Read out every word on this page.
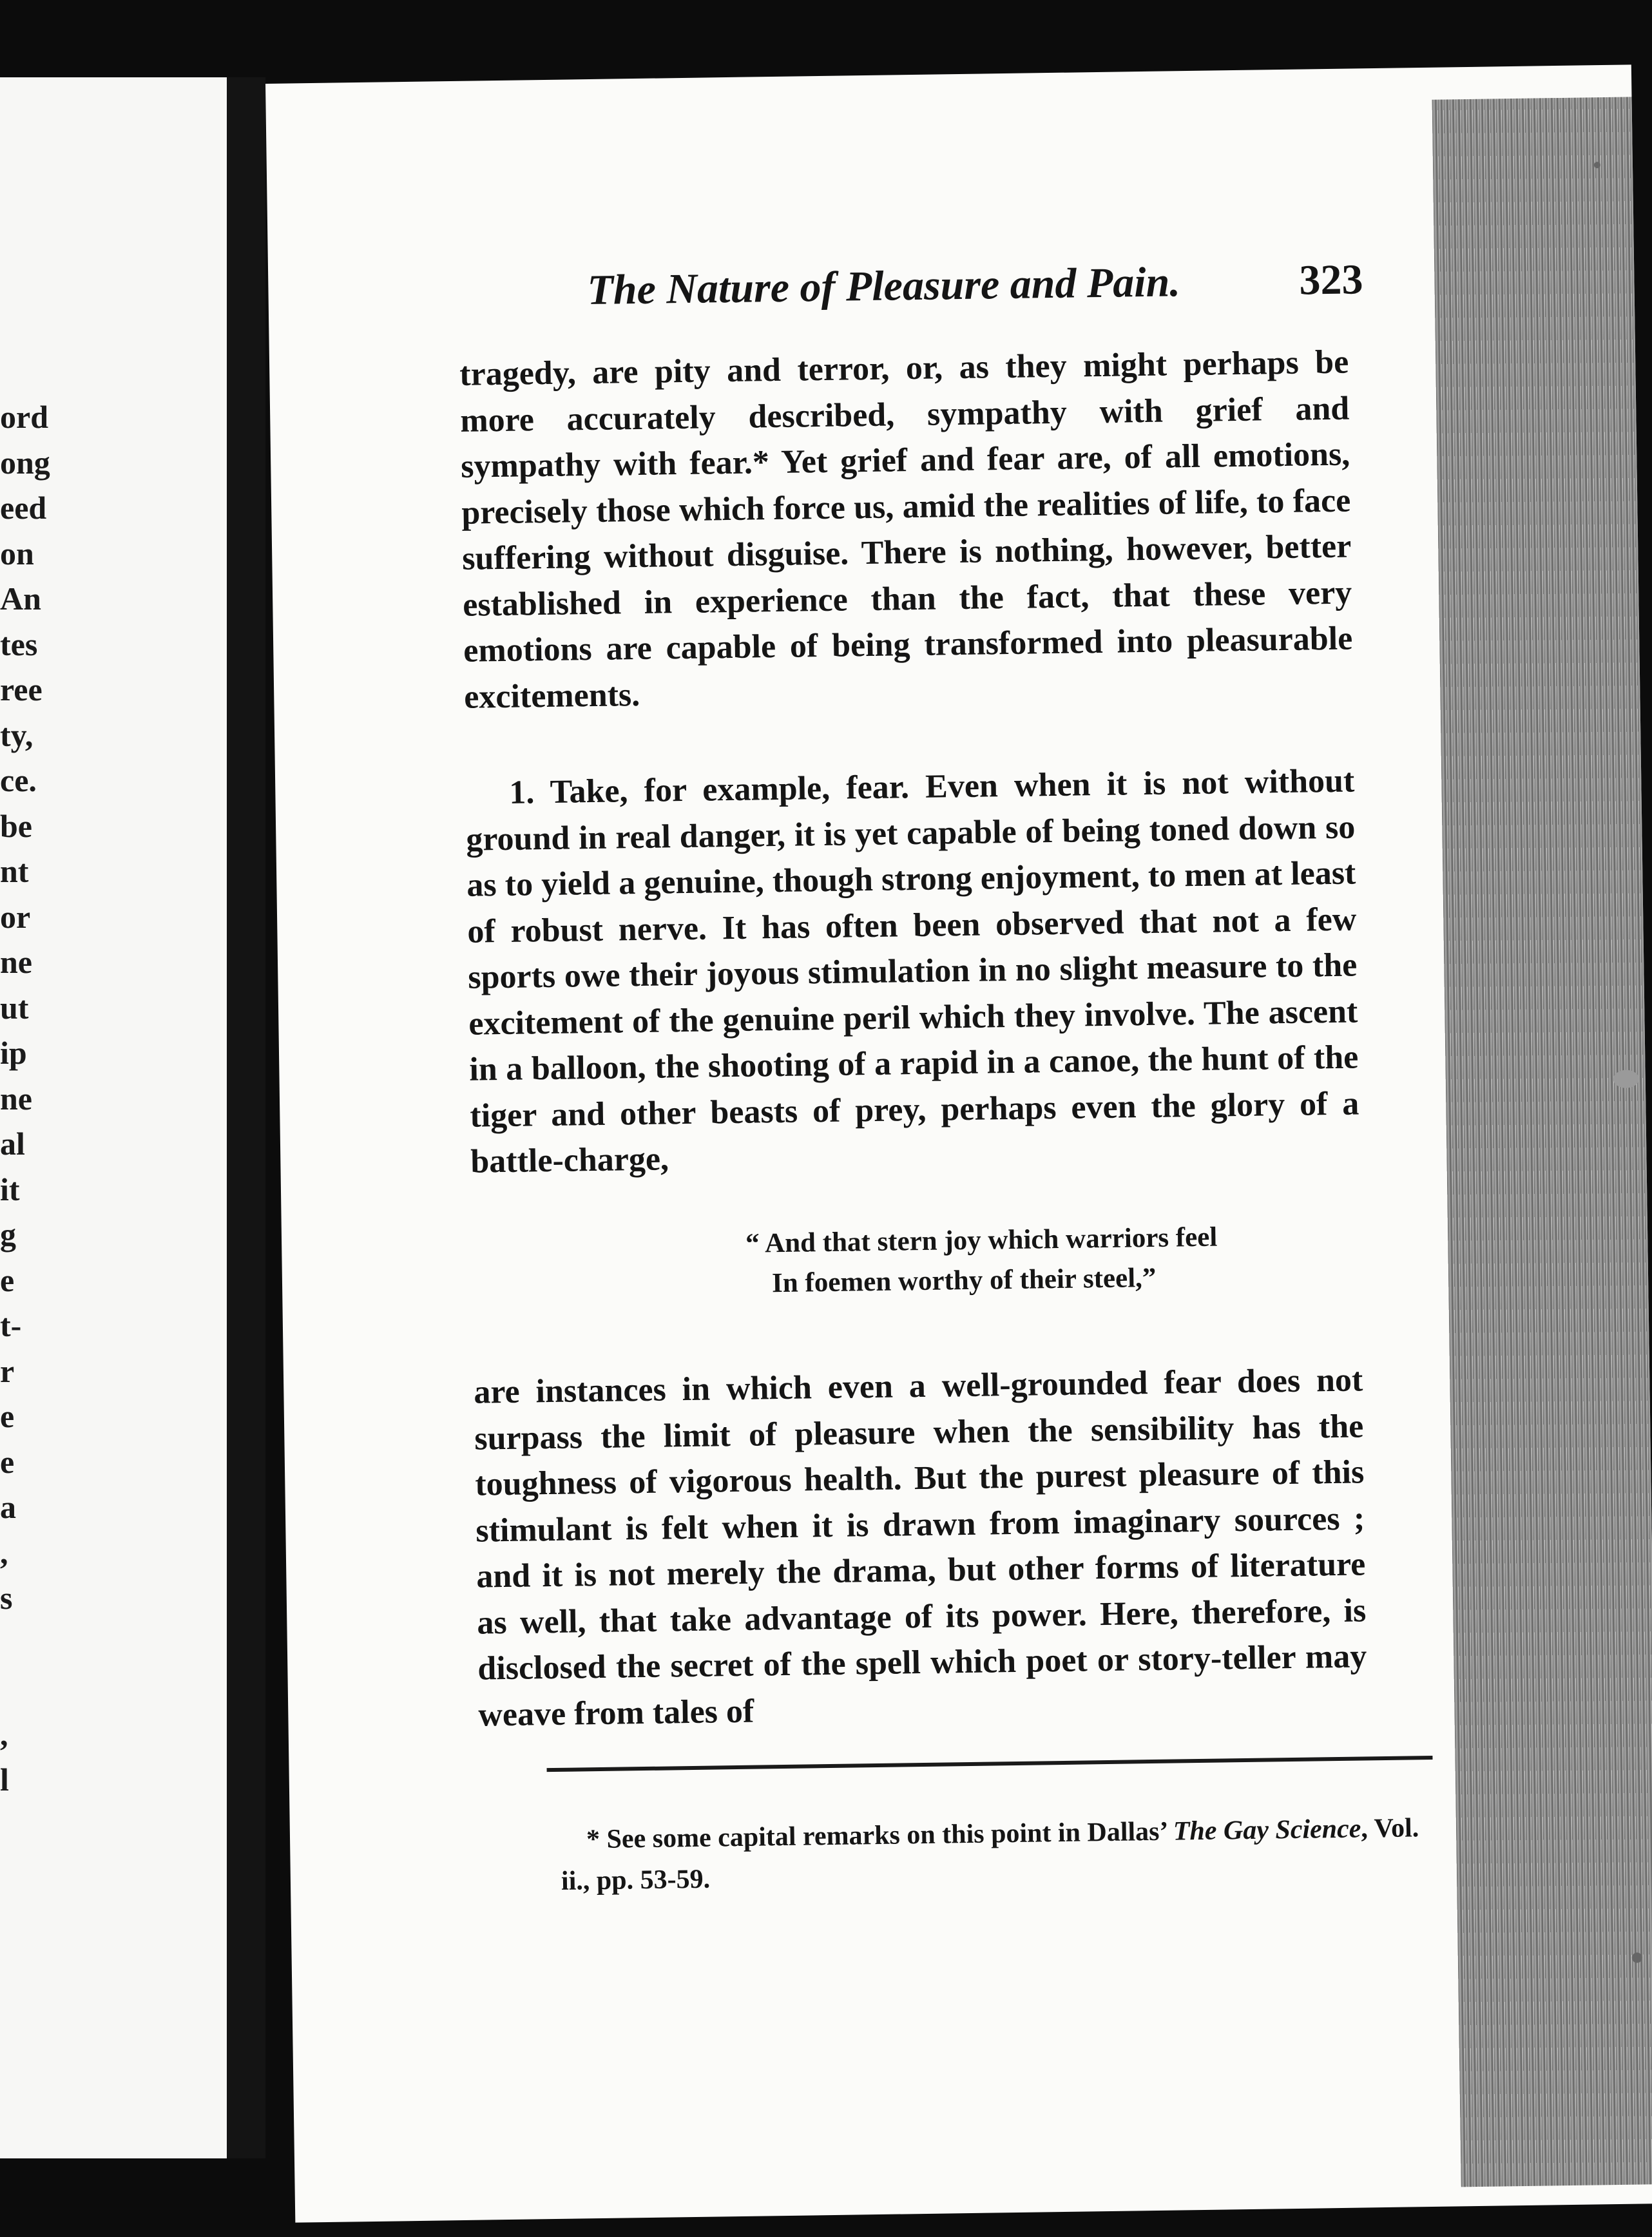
ord
ong
eed
on
An
tes
ree
ty,
ce.
be
nt
or
ne
ut
ip
ne
al
it
g
e
t-
r
e
e
a
,
s

,
l
The Nature of Pleasure and Pain.	323
tragedy, are pity and terror, or, as they might perhaps be more accurately described, sympathy with grief and sympathy with fear.* Yet grief and fear are, of all emotions, precisely those which force us, amid the realities of life, to face suffering without disguise. There is nothing, however, better established in experience than the fact, that these very emotions are capable of being transformed into pleasurable excitements.
1. Take, for example, fear. Even when it is not without ground in real danger, it is yet capable of being toned down so as to yield a genuine, though strong enjoyment, to men at least of robust nerve. It has often been observed that not a few sports owe their joyous stimulation in no slight measure to the excitement of the genuine peril which they involve. The ascent in a balloon, the shooting of a rapid in a canoe, the hunt of the tiger and other beasts of prey, perhaps even the glory of a battle-charge,
“ And that stern joy which warriors feel
In foemen worthy of their steel,”
are instances in which even a well-grounded fear does not surpass the limit of pleasure when the sensibility has the toughness of vigorous health. But the purest pleasure of this stimulant is felt when it is drawn from imaginary sources ; and it is not merely the drama, but other forms of literature as well, that take advantage of its power. Here, therefore, is disclosed the secret of the spell which poet or story-teller may weave from tales of
* See some capital remarks on this point in Dallas’ The Gay Science, Vol. ii., pp. 53-59.
